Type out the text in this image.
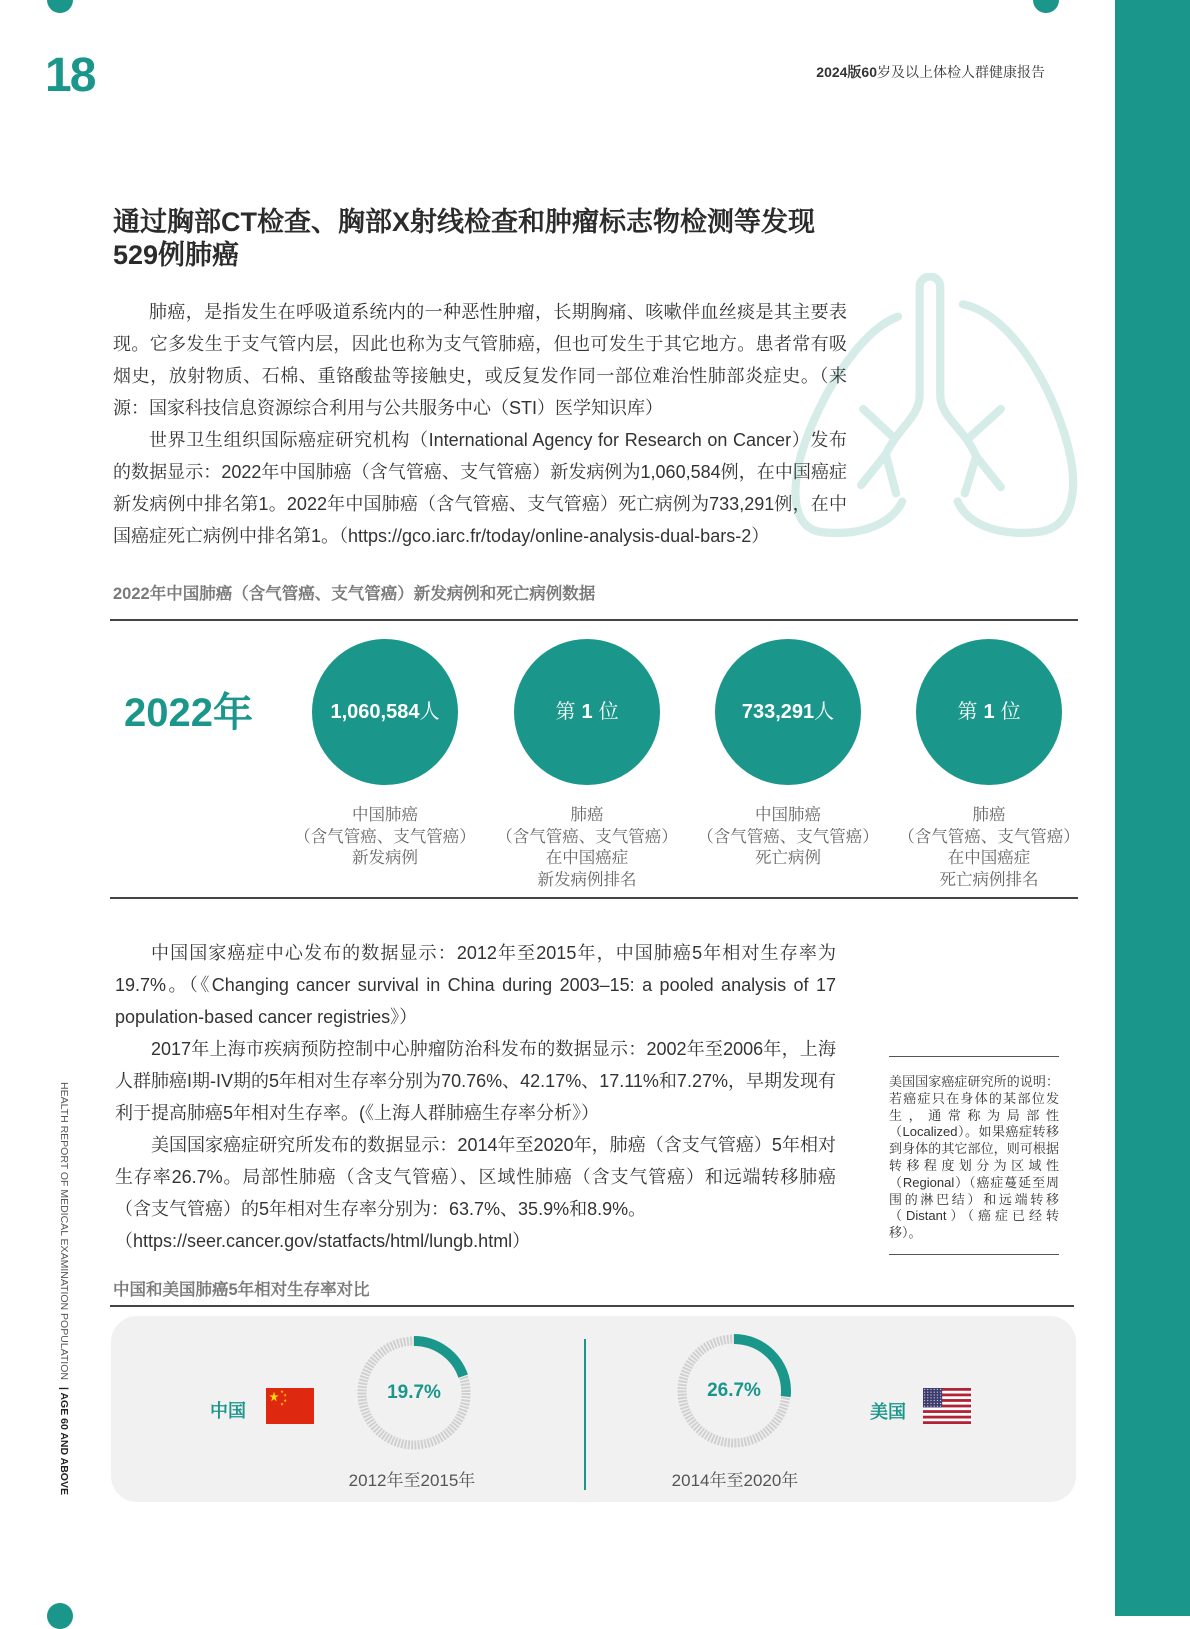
18	2024版60岁及以上体检人群健康报告
通过胸部CT检查、胸部X射线检查和肿瘤标志物检测等发现
529例肺癌

肺癌，是指发生在呼吸道系统内的一种恶性肿瘤，长期胸痛、咳嗽伴血丝痰是其主要表现。它多发生于支气管内层，因此也称为支气管肺癌，但也可发生于其它地方。患者常有吸烟史，放射物质、石棉、重铬酸盐等接触史，或反复发作同一部位难治性肺部炎症史。（来源：国家科技信息资源综合利用与公共服务中心（STI）医学知识库）

世界卫生组织国际癌症研究机构（International Agency for Research on Cancer）发布的数据显示：2022年中国肺癌（含气管癌、支气管癌）新发病例为1,060,584例，在中国癌症新发病例中排名第1。2022年中国肺癌（含气管癌、支气管癌）死亡病例为733,291例，在中国癌症死亡病例中排名第1。（https://gco.iarc.fr/today/online-analysis-dual-bars-2）

2022年中国肺癌（含气管癌、支气管癌）新发病例和死亡病例数据
2022年	1,060,584 人
中国肺癌
（含气管癌、支气管癌）
新发病例
第 1 位
肺癌
（含气管癌、支气管癌）
在中国癌症
新发病例排名
733,291 人
中国肺癌
（含气管癌、支气管癌）
死亡病例
第 1 位
肺癌
（含气管癌、支气管癌）
在中国癌症
死亡病例排名

中国国家癌症中心发布的数据显示：2012年至2015年，中国肺癌5年相对生存率为19.7%。（《Changing cancer survival in China during 2003–15: a pooled analysis of 17 population-based cancer registries》）

2017年上海市疾病预防控制中心肿瘤防治科发布的数据显示：2002年至2006年，上海人群肺癌I期-IV期的5年相对生存率分别为70.76%、42.17%、17.11%和7.27%，早期发现有利于提高肺癌5年相对生存率。(《上海人群肺癌生存率分析》）

美国国家癌症研究所发布的数据显示：2014年至2020年，肺癌（含支气管癌）5年相对生存率26.7%。局部性肺癌（含支气管癌）、区域性肺癌（含支气管癌）和远端转移肺癌（含支气管癌）的5年相对生存率分别为：63.7%、35.9%和8.9%。

（https://seer.cancer.gov/statfacts/html/lungb.html）

美国国家癌症研究所的说明：若癌症只在身体的某部位发生，通常称为局部性（Localized）。如果癌症转移到身体的其它部位，则可根据转移程度划分为区域性（Regional）（癌症蔓延至周围的淋巴结）和远端转移（Distant）（癌症已经转移）。
HEALTH REPORT OF MEDICAL EXAMINATION POPULATION | AGE 60 AND ABOVE
中国和美国肺癌5年相对生存率对比
中国
19.7%
2012年至2015年
26.7%
2014年至2020年
美国
